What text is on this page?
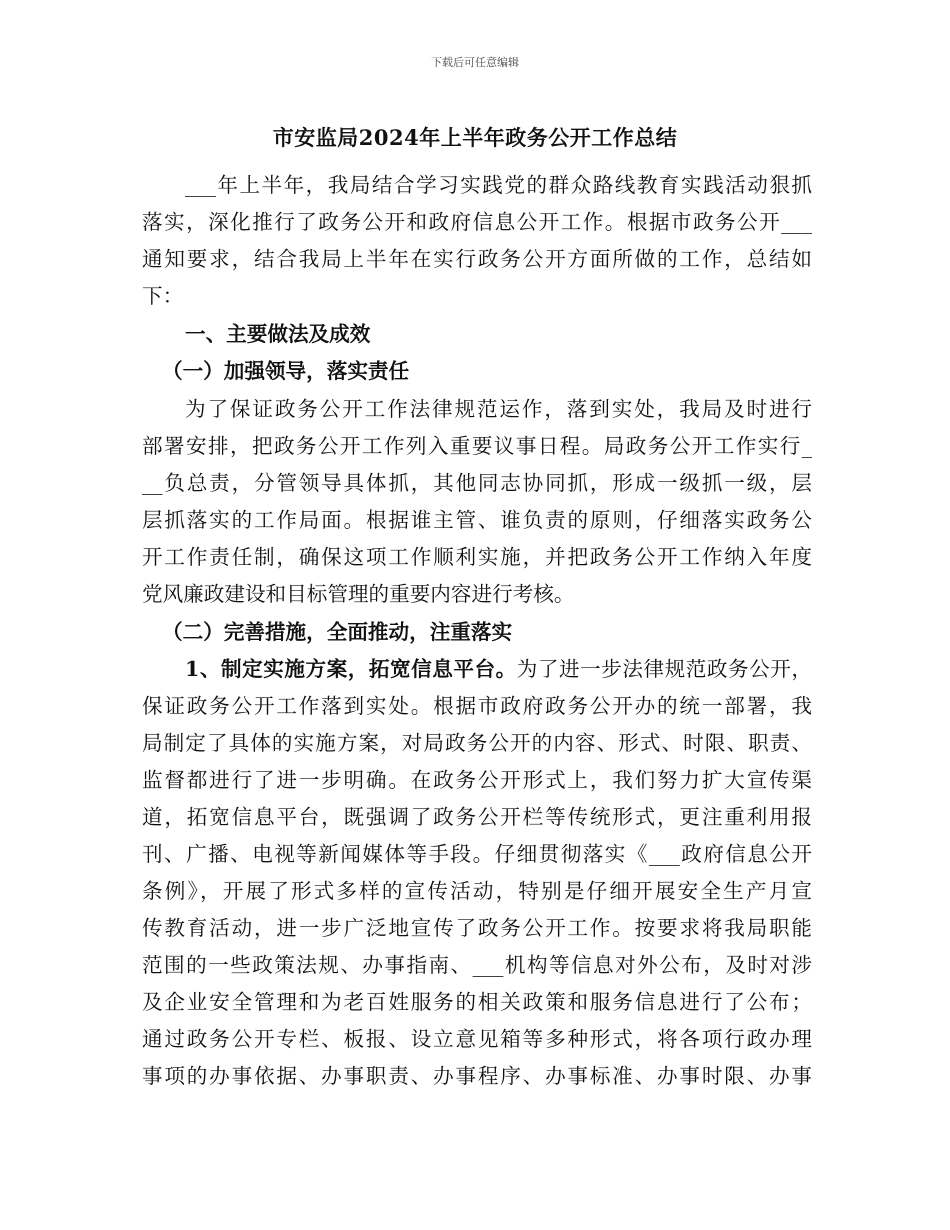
下载后可任意编辑
市安监局2024年上半年政务公开工作总结
___年上半年，我局结合学习实践党的群众路线教育实践活动狠抓
落实，深化推行了政务公开和政府信息公开工作。根据市政务公开___
通知要求，结合我局上半年在实行政务公开方面所做的工作，总结如
下：
一、主要做法及成效
（一）加强领导，落实责任
为了保证政务公开工作法律规范运作，落到实处，我局及时进行
部署安排，把政务公开工作列入重要议事日程。局政务公开工作实行_
__负总责，分管领导具体抓，其他同志协同抓，形成一级抓一级，层
层抓落实的工作局面。根据谁主管、谁负责的原则，仔细落实政务公
开工作责任制，确保这项工作顺利实施，并把政务公开工作纳入年度
党风廉政建设和目标管理的重要内容进行考核。
（二）完善措施，全面推动，注重落实
1、制定实施方案，拓宽信息平台。为了进一步法律规范政务公开，
保证政务公开工作落到实处。根据市政府政务公开办的统一部署，我
局制定了具体的实施方案，对局政务公开的内容、形式、时限、职责、
监督都进行了进一步明确。在政务公开形式上，我们努力扩大宣传渠
道，拓宽信息平台，既强调了政务公开栏等传统形式，更注重利用报
刊、广播、电视等新闻媒体等手段。仔细贯彻落实《___政府信息公开
条例》，开展了形式多样的宣传活动，特别是仔细开展安全生产月宣
传教育活动，进一步广泛地宣传了政务公开工作。按要求将我局职能
范围的一些政策法规、办事指南、___机构等信息对外公布，及时对涉
及企业安全管理和为老百姓服务的相关政策和服务信息进行了公布；
通过政务公开专栏、板报、设立意见箱等多种形式，将各项行政办理
事项的办事依据、办事职责、办事程序、办事标准、办事时限、办事
